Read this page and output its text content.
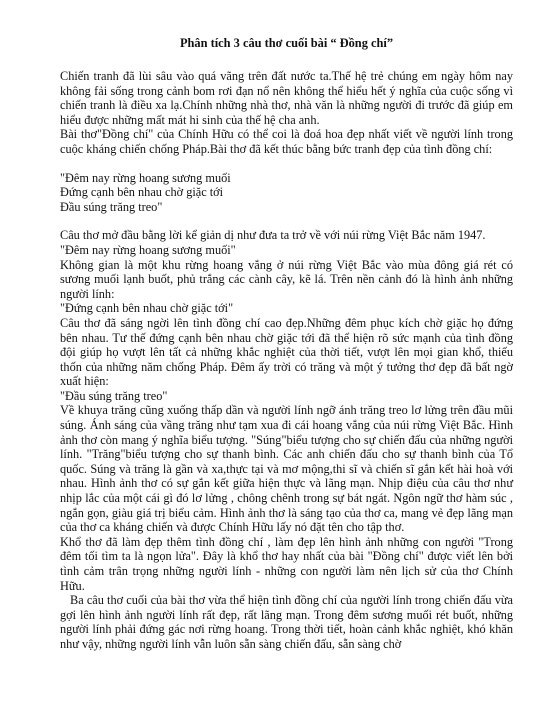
Phân tích 3 câu thơ cuối bài “ Đồng chí”

Chiến tranh đã lùi sâu vào quá vãng trên đất nước ta.Thế hệ trẻ chúng em ngày hôm nay không fải sống trong cảnh bom rơi đạn nổ nên không thể hiểu hết ý nghĩa của cuộc sống vì chiến tranh là điều xa lạ.Chính những nhà thơ, nhà văn là những người đi trước đã giúp em hiểu được những mất mát hi sinh của thế hệ cha anh.

Bài thơ"Đồng chí" của Chính Hữu có thể coi là đoá hoa đẹp nhất viết về người lính trong cuộc kháng chiến chống Pháp.Bài thơ đã kết thúc bằng bức tranh đẹp của tình đồng chí:

"Đêm nay rừng hoang sương muối

Đứng cạnh bên nhau chờ giặc tới

Đầu súng trăng treo"

Câu thơ mở đầu bằng lời kể giản dị như đưa ta trở về với núi rừng Việt Bắc năm 1947.

"Đêm nay rừng hoang sương muối"

Không gian là một khu rừng hoang vắng ở núi rừng Việt Bắc vào mùa đông giá rét có sương muối lạnh buốt, phủ trắng các cành cây, kẽ lá. Trên nền cảnh đó là hình ảnh những người lính:

"Đứng cạnh bên nhau chờ giặc tới"

Câu thơ đã sáng ngời lên tình đồng chí cao đẹp.Những đêm phục kích chờ giặc họ đứng bên nhau. Tư thế đứng cạnh bên nhau chờ giặc tới đã thể hiện rõ sức mạnh của tình đồng đội giúp họ vượt lên tất cả những khắc nghiệt của thời tiết, vượt lên mọi gian khổ, thiếu thốn của những năm chống Pháp. Đêm ấy trời có trăng và một ý tưởng thơ đẹp đã bất ngờ xuất hiện:

"Đầu súng trăng treo"

Về khuya trăng cũng xuống thấp dần và người lính ngỡ ánh trăng treo lơ lửng trên đầu mũi súng. Ánh sáng của vầng trăng như tạm xua đi cái hoang vắng của núi rừng Việt Bắc. Hình ảnh thơ còn mang ý nghĩa biểu tượng. "Súng"biểu tượng cho sự chiến đấu của những người lính. "Trăng"biểu tượng cho sự thanh bình. Các anh chiến đấu cho sự thanh bình của Tổ quốc. Súng và trăng là gần và xa,thực tại và mơ mộng,thi sĩ và chiến sĩ gắn kết hài hoà với nhau. Hình ảnh thơ có sự gắn kết giữa hiện thực và lãng mạn. Nhịp điệu của câu thơ như nhịp lắc của một cái gì đó lơ lửng , chông chênh trong sự bát ngát. Ngôn ngữ thơ hàm súc , ngắn gọn, giàu giá trị biểu cảm. Hình ảnh thơ là sáng tạo của thơ ca, mang vẻ đẹp lãng mạn của thơ ca kháng chiến và được Chính Hữu lấy nó đặt tên cho tập thơ.

Khổ thơ đã làm đẹp thêm tình đồng chí , làm đẹp lên hình ảnh những con người "Trong đêm tối tìm ta là ngọn lửa". Đây là khổ thơ hay nhất của bài "Đồng chí" được viết lên bởi tình cảm trân trọng những người lính - những con người làm nên lịch sử của thơ Chính Hữu.

Ba câu thơ cuối của bài thơ vừa thể hiện tình đồng chí của người lính trong chiến đấu vừa gợi lên hình ảnh người lính rất đẹp, rất lãng mạn. Trong đêm sương muối rét buốt, những người lính phải đứng gác nơi rừng hoang. Trong thời tiết, hoàn cảnh khắc nghiệt, khó khăn như vậy, những người lính vẫn luôn sẵn sàng chiến đấu, sẵn sàng chờ
